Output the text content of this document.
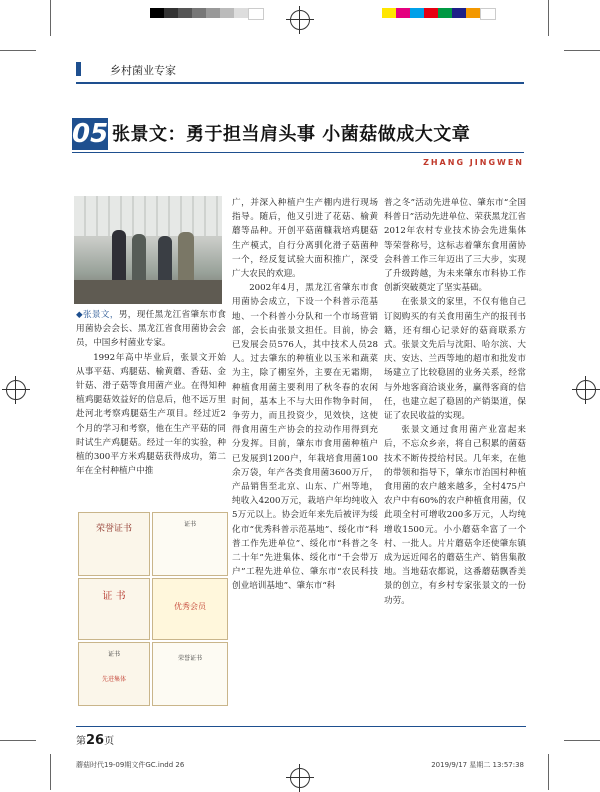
乡村菌业专家
05 张景文：勇于担当肩头事 小菌菇做成大文章
ZHANG JINGWEN

◆张景文，男，现任黑龙江省肇东市食用菌协会会长、黑龙江省食用菌协会会员，中国乡村菌业专家。

1992年高中毕业后，张景文开始从事平菇、鸡腿菇、榆黄蘑、香菇、金针菇、滑子菇等食用菌产业。在得知种植鸡腿菇效益好的信息后，他不远万里赴河北考察鸡腿菇生产项目。经过近2个月的学习和考察，他在生产平菇的同时试生产鸡腿菇。经过一年的实验，种植的300平方米鸡腿菇获得成功，第二年在全村种植户中推

荣誉证书	证书
证 书
优秀会员
证书
先进集体
荣誉证书

广，并深入种植户生产棚内进行现场指导。随后，他又引进了花菇、榆黄蘑等品种。开创平菇菌糠栽培鸡腿菇生产模式，自行分离驯化滑子菇菌种一个，经反复试验大面积推广，深受广大农民的欢迎。

2002年4月，黑龙江省肇东市食用菌协会成立，下设一个科普示范基地、一个科普小分队和一个市场营销部，会长由张景文担任。目前，协会已发展会员576人，其中技术人员28人。过去肇东的种植业以玉米和蔬菜为主，除了棚室外，主要在无霜期，种植食用菌主要利用了秋冬春的农闲时间，基本上不与大田作物争时间，争劳力，而且投资少，见效快，这使得食用菌生产协会的拉动作用得到充分发挥。目前，肇东市食用菌种植户已发展到1200户，年栽培食用菌100余万袋，年产各类食用菌3600万斤，产品销售至北京、山东、广州等地，纯收入4200万元，栽培户年均纯收入5万元以上。协会近年来先后被评为绥化市“优秀科普示范基地”、绥化市“科普工作先进单位”、绥化市“科普之冬二十年”先进集体、绥化市“千会带万户”工程先进单位、肇东市“农民科技创业培训基地”、肇东市“科

普之冬”活动先进单位、肇东市“全国科普日”活动先进单位、荣获黑龙江省2012年农村专业技术协会先进集体等荣誉称号，这标志着肇东食用菌协会科普工作三年迈出了三大步，实现了升级跨越，为未来肇东市科协工作创新突破奠定了坚实基础。

在张景文的家里，不仅有他自己订阅购买的有关食用菌生产的报刊书籍，还有细心记录好的菇商联系方式。张景文先后与沈阳、哈尔滨、大庆、安达、兰西等地的超市和批发市场建立了比较稳固的业务关系，经常与外地客商洽谈业务，赢得客商的信任，也建立起了稳固的产销渠道，保证了农民收益的实现。

张景文通过食用菌产业富起来后，不忘众乡亲，将自己积累的菌菇技术不断传授给村民。几年来，在他的带领和指导下，肇东市治国村种植食用菌的农户越来越多，全村475户农户中有60%的农户种植食用菌，仅此项全村可增收200多万元，人均纯增收1500元。小小蘑菇伞富了一个村、一批人。片片蘑菇伞还使肇东镇成为远近闻名的蘑菇生产、销售集散地。当地菇农都说，这番蘑菇飘香美景的创立，有乡村专家张景文的一份功劳。

第26页
蘑菇时代19-09期文件GC.indd 26	2019/9/17 星期二 13:57:38
